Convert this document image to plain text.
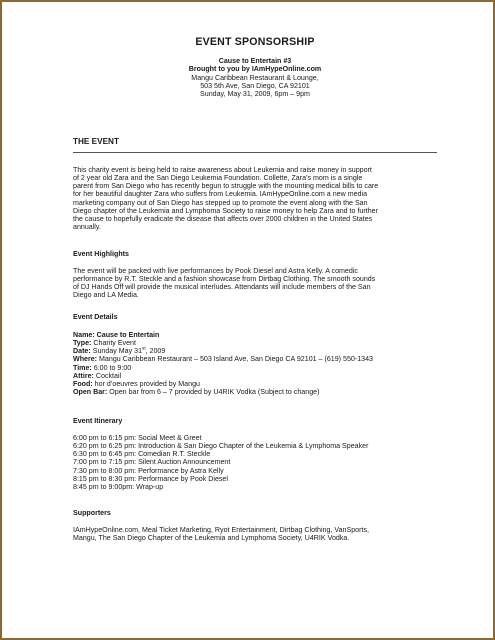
EVENT SPONSORSHIP
Cause to Entertain #3
Brought to you by IAmHypeOnline.com
Mangu Caribbean Restaurant & Lounge,
503 5th Ave, San Diego, CA 92101
Sunday, May 31, 2009, 6pm – 9pm
THE EVENT
This charity event is being held to raise awareness about Leukemia and raise money in support
of 2 year old Zara and the San Diego Leukemia Foundation. Collette, Zara’s mom is a single
parent from San Diego who has recently begun to struggle with the mounting medical bills to care
for her beautiful daughter Zara who suffers from Leukemia. IAmHypeOnline.com a new media
marketing company out of San Diego has stepped up to promote the event along with the San
Diego chapter of the Leukemia and Lymphoma Society to raise money to help Zara and to further
the cause to hopefully eradicate the disease that affects over 2000 children in the United States
annually.
Event Highlights
The event will be packed with live performances by Pook Diesel and Astra Kelly. A comedic
performance by R.T. Steckle and a fashion showcase from Dirtbag Clothing. The smooth sounds
of DJ Hands Off will provide the musical interludes. Attendants will include members of the San
Diego and LA Media.
Event Details
Name: Cause to Entertain
Type: Charity Event
Date: Sunday May 31st, 2009
Where: Mangu Caribbean Restaurant – 503 Island Ave, San Diego CA 92101 – (619) 550-1343
Time: 6:00 to 9:00
Attire: Cocktail
Food: hor d’oeuvres provided by Mangu
Open Bar: Open bar from 6 – 7 provided by U4RIK Vodka (Subject to change)
Event Itinerary
6:00 pm to 6:15 pm: Social Meet & Greet
6:20 pm to 6:25 pm: Introduction & San Diego Chapter of the Leukemia & Lymphoma Speaker
6:30 pm to 6:45 pm: Comedian R.T. Steckle
7:00 pm to 7:15 pm: Silent Auction Announcement
7:30 pm to 8:00 pm: Performance by Astra Kelly
8:15 pm to 8:30 pm: Performance by Pook Diesel
8:45 pm to 9:00pm: Wrap-up
Supporters
IAmHypeOnline.com, Meal Ticket Marketing, Ryot Entertainment, Dirtbag Clothing, VanSports,
Mangu, The San Diego Chapter of the Leukemia and Lymphoma Society, U4RIK Vodka.
